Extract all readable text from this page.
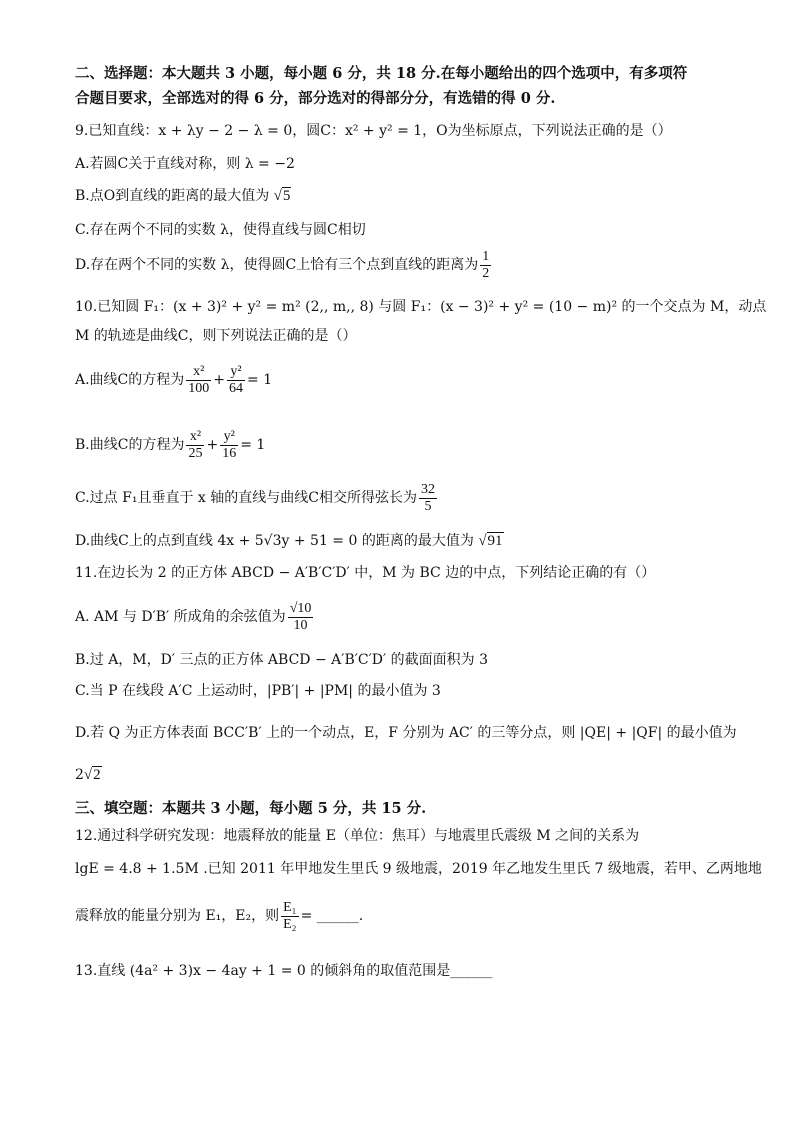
二、选择题：本大题共 3 小题，每小题 6 分，共 18 分.在每小题给出的四个选项中，有多项符
合题目要求，全部选对的得 6 分，部分选对的得部分分，有选错的得 0 分.
9.已知直线：x + λy − 2 − λ = 0，圆C：x² + y² = 1，O为坐标原点，下列说法正确的是（）
A.若圆C关于直线对称，则 λ = −2
B.点O到直线的距离的最大值为 √5
C.存在两个不同的实数 λ，使得直线与圆C相切
D.存在两个不同的实数 λ，使得圆C上恰有三个点到直线的距离为 $\frac{1}{2}$
10.已知圆 F₁：(x + 3)² + y² = m² (2,, m,, 8) 与圆 F₁：(x − 3)² + y² = (10 − m)² 的一个交点为 M，动点
M 的轨迹是曲线C，则下列说法正确的是（）
A.曲线C的方程为 $\frac{\text{x²}}{100} + \frac{\text{y²}}{64} = 1$
B.曲线C的方程为 $\frac{\text{x²}}{25} + \frac{\text{y²}}{16} = 1$
C.过点 F₁且垂直于 x 轴的直线与曲线C相交所得弦长为 $\frac{32}{5}$
D.曲线C上的点到直线 4x + 5√3y + 51 = 0 的距离的最大值为 √91
11.在边长为 2 的正方体 ABCD − A′B′C′D′ 中，M 为 BC 边的中点，下列结论正确的有（）
A. AM 与 D′B′ 所成角的余弦值为 $\frac{√10}{10}$
B.过 A，M，D′ 三点的正方体 ABCD − A′B′C′D′ 的截面面积为 3
C.当 P 在线段 A′C 上运动时，|PB′| + |PM| 的最小值为 3
D.若 Q 为正方体表面 BCC′B′ 上的一个动点，E，F 分别为 AC′ 的三等分点，则 |QE| + |QF| 的最小值为
2√2
三、填空题：本题共 3 小题，每小题 5 分，共 15 分.
12.通过科学研究发现：地震释放的能量 E（单位：焦耳）与地震里氏震级 M 之间的关系为
lgE = 4.8 + 1.5M .已知 2011 年甲地发生里氏 9 级地震，2019 年乙地发生里氏 7 级地震，若甲、乙两地地
震释放的能量分别为 E₁，E₂，则 $\frac{\text{E₁}}{\text{E₂}}$ = ______.
13.直线 (4a² + 3)x − 4ay + 1 = 0 的倾斜角的取值范围是______
